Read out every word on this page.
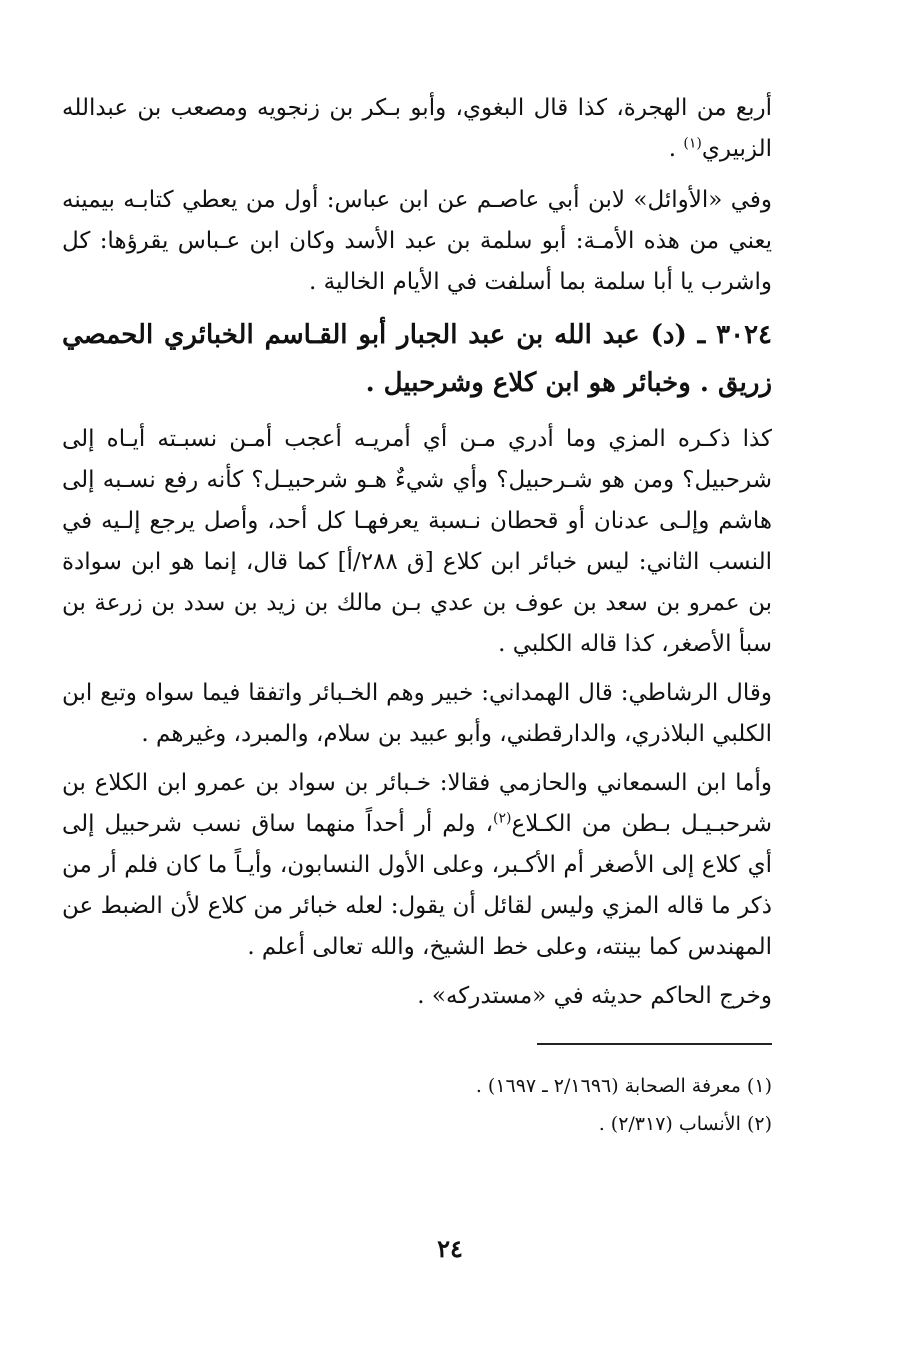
أربع من الهجرة، كذا قال البغوي، وأبو بـكر بن زنجويه ومصعب بن عبدالله الزبيري$^{(١)}$ .

وفي «الأوائل» لابن أبي عاصـم عن ابن عباس: أول من يعطي كتابـه بيمينه يعني من هذه الأمـة: أبو سلمة بن عبد الأسد وكان ابن عـباس يقرؤها: كل واشرب يا أبا سلمة بما أسلفت في الأيام الخالية .

٣٠٢٤ ـ (د) عبد الله بن عبد الجبار أبو القـاسم الخبائري الحمصي زريق . وخبائر هو ابن كلاع وشرحبيل .

كذا ذكـره المزي وما أدري مـن أي أمريـه أعجب أمـن نسبـته أيـاه إلى شرحبيل؟ ومن هو شـرحبيل؟ وأي شيءٌ هـو شرحبيـل؟ كأنه رفع نسـبه إلى هاشم وإلـى عدنان أو قحطان نـسبة يعرفهـا كل أحد، وأصل يرجع إلـيه في النسب الثاني: ليس خبائر ابن كلاع [ق ٢٨٨/أ] كما قال، إنما هو ابن سوادة بن عمرو بن سعد بن عوف بن عدي بـن مالك بن زيد بن سدد بن زرعة بن سبأ الأصغر، كذا قاله الكلبي .

وقال الرشاطي: قال الهمداني: خبير وهم الخـبائر واتفقا فيما سواه وتبع ابن الكلبي البلاذري، والدارقطني، وأبو عبيد بن سلام، والمبرد، وغيرهم .

وأما ابن السمعاني والحازمي فقالا: خـبائر بن سواد بن عمرو ابن الكلاع بن شرحبـيـل بـطن من الكـلاع$^{(٢)}$، ولم أر أحداً منهما ساق نسب شرحبيل إلى أي كلاع إلى الأصغر أم الأكـبر، وعلى الأول النسابون، وأيـاً ما كان فلم أر من ذكر ما قاله المزي وليس لقائل أن يقول: لعله خبائر من كلاع لأن الضبط عن المهندس كما بينته، وعلى خط الشيخ، والله تعالى أعلم .

وخرج الحاكم حديثه في «مستدركه» .

(١) معرفة الصحابة (٢/١٦٩٦ ـ ١٦٩٧) .

(٢) الأنساب (٢/٣١٧) .

٢٤
